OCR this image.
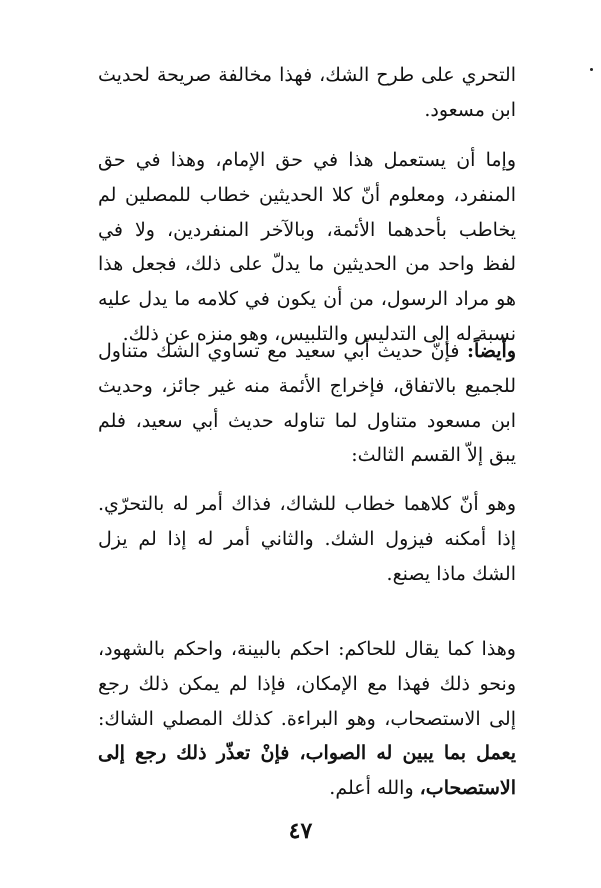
التحري على طرح الشك، فهذا مخالفة صريحة لحديث ابن مسعود.
وإما أن يستعمل هذا في حق الإمام، وهذا في حق المنفرد، ومعلوم أنّ كلا الحديثين خطاب للمصلين لم يخاطب بأحدهما الأئمة، وبالآخر المنفردين، ولا في لفظ واحد من الحديثين ما يدلّ على ذلك، فجعل هذا هو مراد الرسول، من أن يكون في كلامه ما يدل عليه نسبة له إلى التدليس والتلبيس، وهو منزه عن ذلك.
وأيضاً: فإنّ حديث أبي سعيد مع تساوي الشك متناول للجميع بالاتفاق، فإخراج الأئمة منه غير جائز، وحديث ابن مسعود متناول لما تناوله حديث أبي سعيد، فلم يبق إلاّ القسم الثالث:
وهو أنّ كلاهما خطاب للشاك، فذاك أمر له بالتحرّي. إذا أمكنه فيزول الشك. والثاني أمر له إذا لم يزل الشك ماذا يصنع.
وهذا كما يقال للحاكم: احكم بالبينة، واحكم بالشهود، ونحو ذلك فهذا مع الإمكان، فإذا لم يمكن ذلك رجع إلى الاستصحاب، وهو البراءة. كذلك المصلي الشاك: يعمل بما يبين له الصواب، فإنْ تعذّر ذلك رجع إلى الاستصحاب، والله أعلم.
٤٧
